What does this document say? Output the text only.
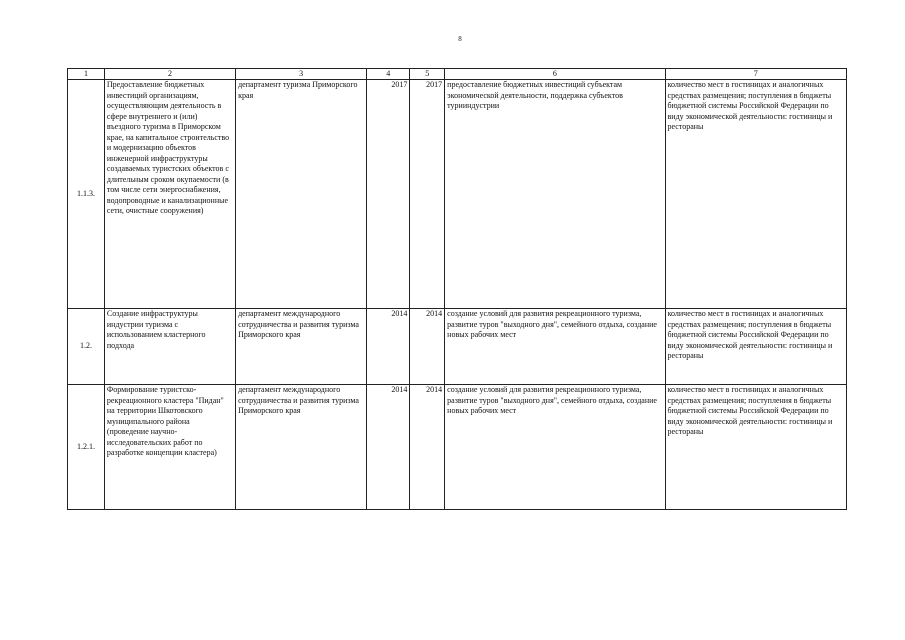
8
1	2	3	4	5	6	7
1.1.3.	Предоставление бюджетных инвестиций организациям, осуществляющим деятельность в сфере внутреннего и (или) въездного туризма в Приморском крае, на капитальное строительство и модернизацию объектов инженерной инфраструктуры создаваемых туристских объектов с длительным сроком окупаемости (в том числе сети энергоснабжения, водопроводные и канализационные сети, очистные сооружения)	департамент туризма Приморского края	2017	2017	предоставление бюджетных инвестиций субъектам экономической деятельности, поддержка субъектов турииндустрии	количество мест в гостиницах и аналогичных средствах размещения; поступления в бюджеты бюджетной системы Российской Федерации по виду экономической деятельности: гостиницы и рестораны
1.2.	Создание инфраструктуры индустрии туризма с использованием кластерного подхода	департамент международного сотрудничества и развития туризма Приморского края	2014	2014	создание условий для развития рекреационного туризма, развитие туров "выходного дня", семейного отдыха, создание новых рабочих мест	количество мест в гостиницах и аналогичных средствах размещения; поступления в бюджеты бюджетной системы Российской Федерации по виду экономической деятельности: гостиницы и рестораны
1.2.1.	Формирование туристско-рекреационного кластера "Пидан" на территории Шкотовского муниципального района (проведение научно-исследовательских работ по разработке концепции кластера)	департамент международного сотрудничества и развития туризма Приморского края	2014	2014	создание условий для развития рекреационного туризма, развитие туров "выходного дня", семейного отдыха, создание новых рабочих мест	количество мест в гостиницах и аналогичных средствах размещения; поступления в бюджеты бюджетной системы Российской Федерации по виду экономической деятельности: гостиницы и рестораны
